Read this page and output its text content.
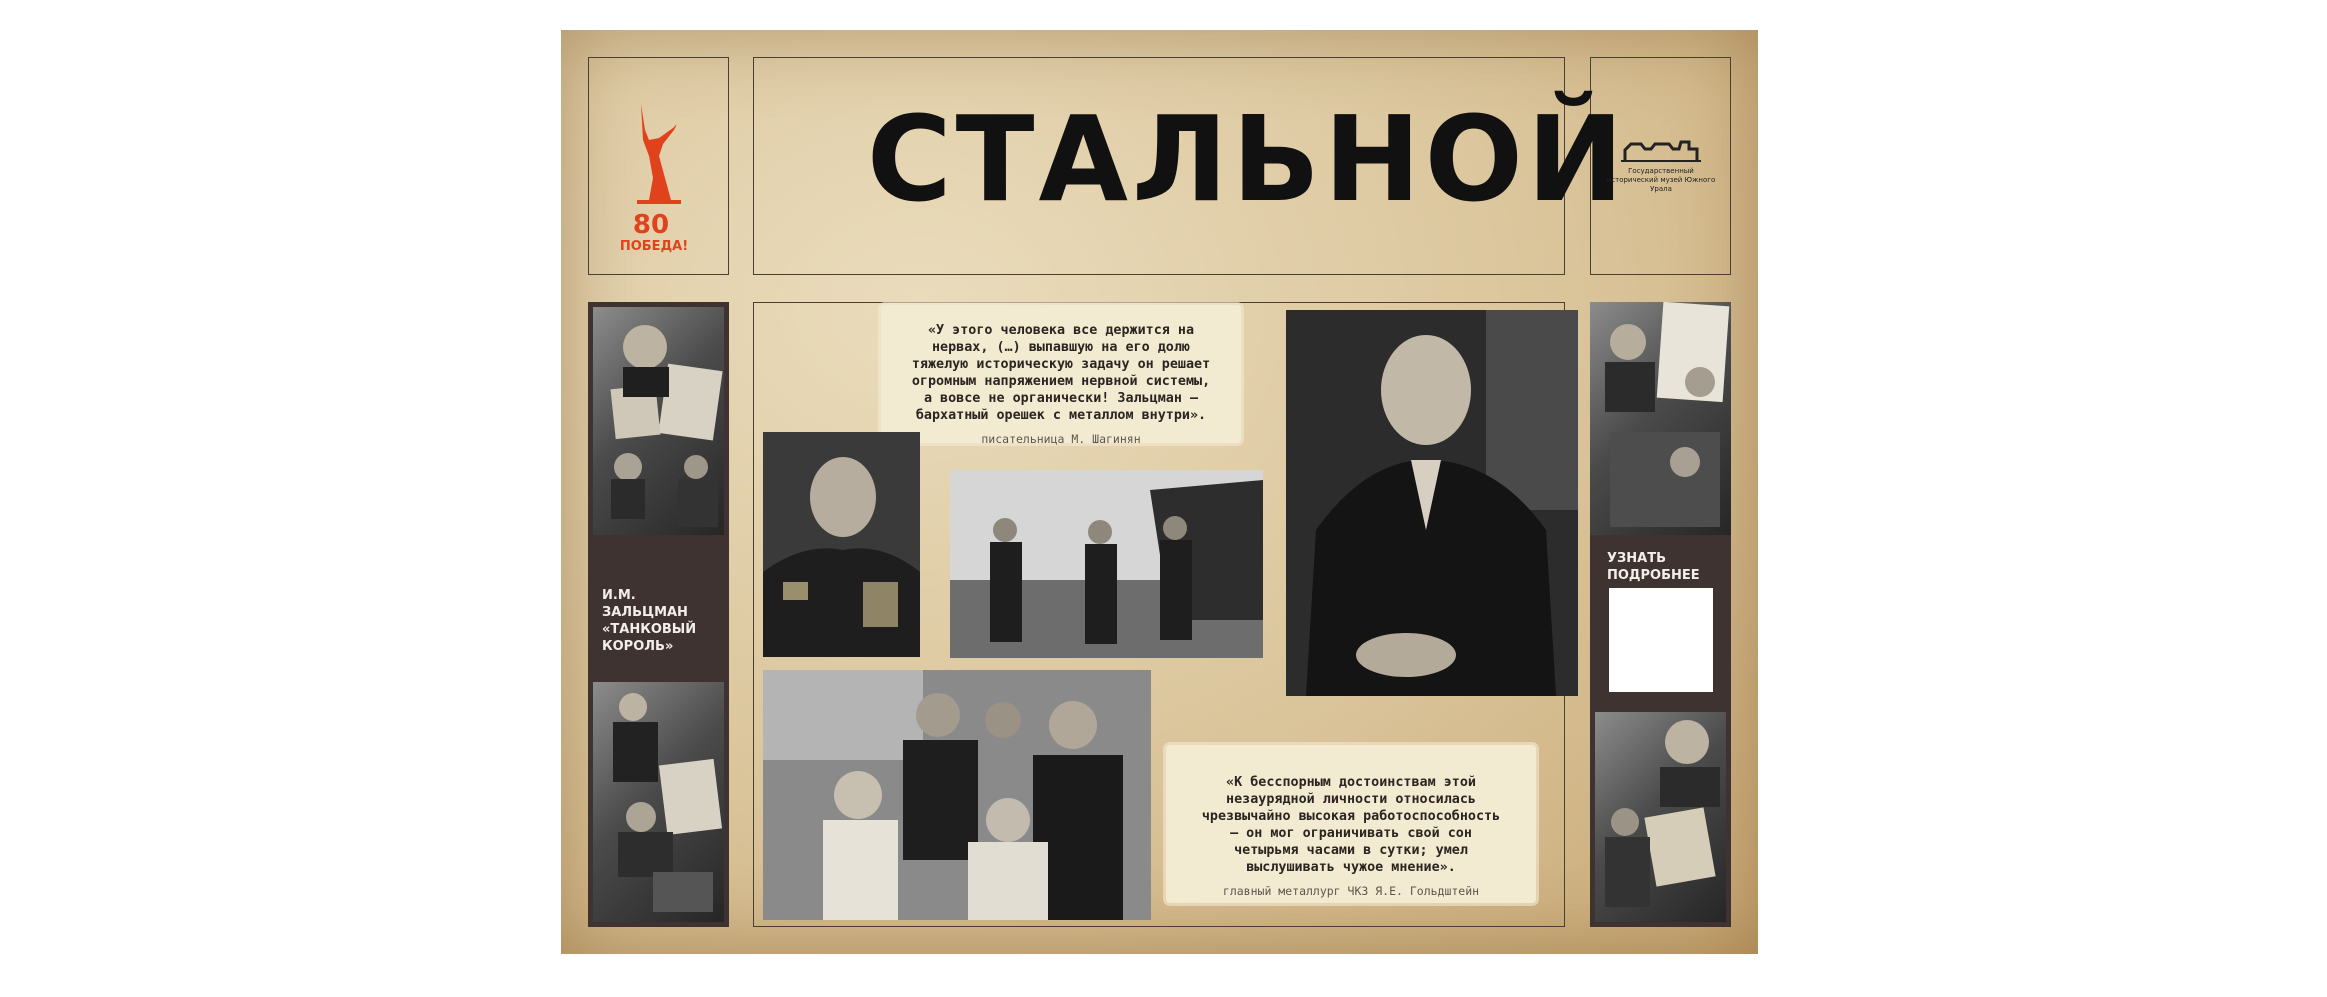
80
ПОБЕДА!
СТАЛЬНОЙ Государственный исторический музей Южного Урала
И.М. ЗАЛЬЦМАН «ТАНКОВЫЙ КОРОЛЬ»
УЗНАТЬ ПОДРОБНЕЕ
«У этого человека все держится на
нервах, (…) выпавшую на его долю
тяжелую историческую задачу он решает
огромным напряжением нервной системы,
а вовсе не органически! Зальцман –
бархатный орешек с металлом внутри».
писательница М. Шагинян
«К бесспорным достоинствам этой
незаурядной личности относилась
чрезвычайно высокая работоспособность
– он мог ограничивать свой сон
четырьмя часами в сутки; умел
выслушивать чужое мнение».
главный металлург ЧКЗ Я.Е. Гольдштейн
